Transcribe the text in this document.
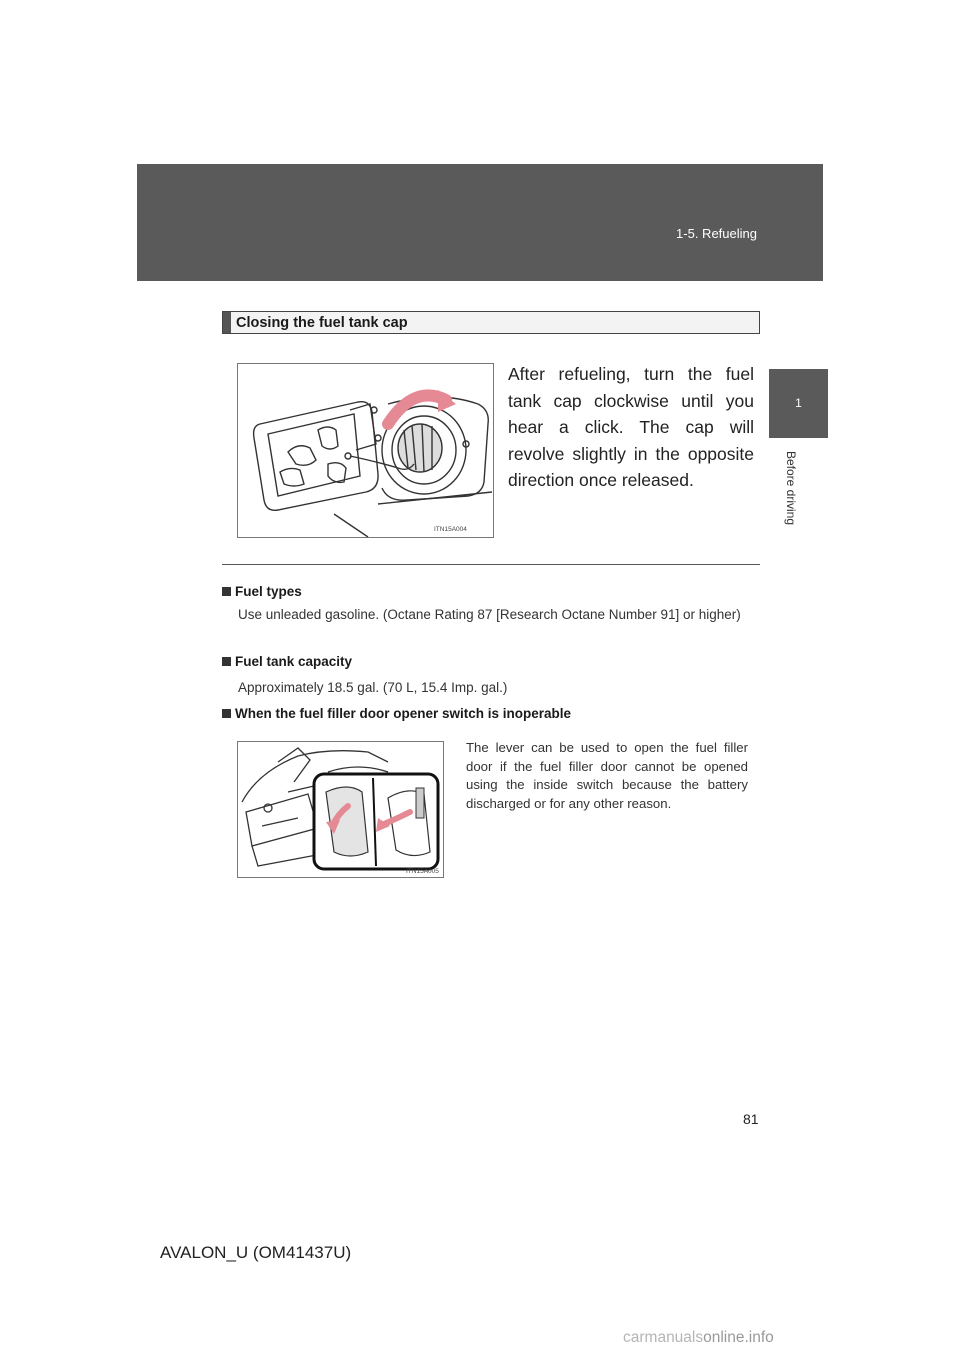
1-5. Refueling
1
Before driving
Closing the fuel tank cap
ITN15A004
After refueling, turn the fuel tank cap clockwise until you hear a click. The cap will revolve slightly in the opposite direction once released.
Fuel types
Use unleaded gasoline. (Octane Rating 87 [Research Octane Number 91] or higher)
Fuel tank capacity
Approximately 18.5 gal. (70 L, 15.4 Imp. gal.)
When the fuel filler door opener switch is inoperable
ITN15A005
The lever can be used to open the fuel filler door if the fuel filler door cannot be opened using the inside switch because the battery discharged or for any other reason.
81
AVALON_U (OM41437U)
carmanualsonline.info
